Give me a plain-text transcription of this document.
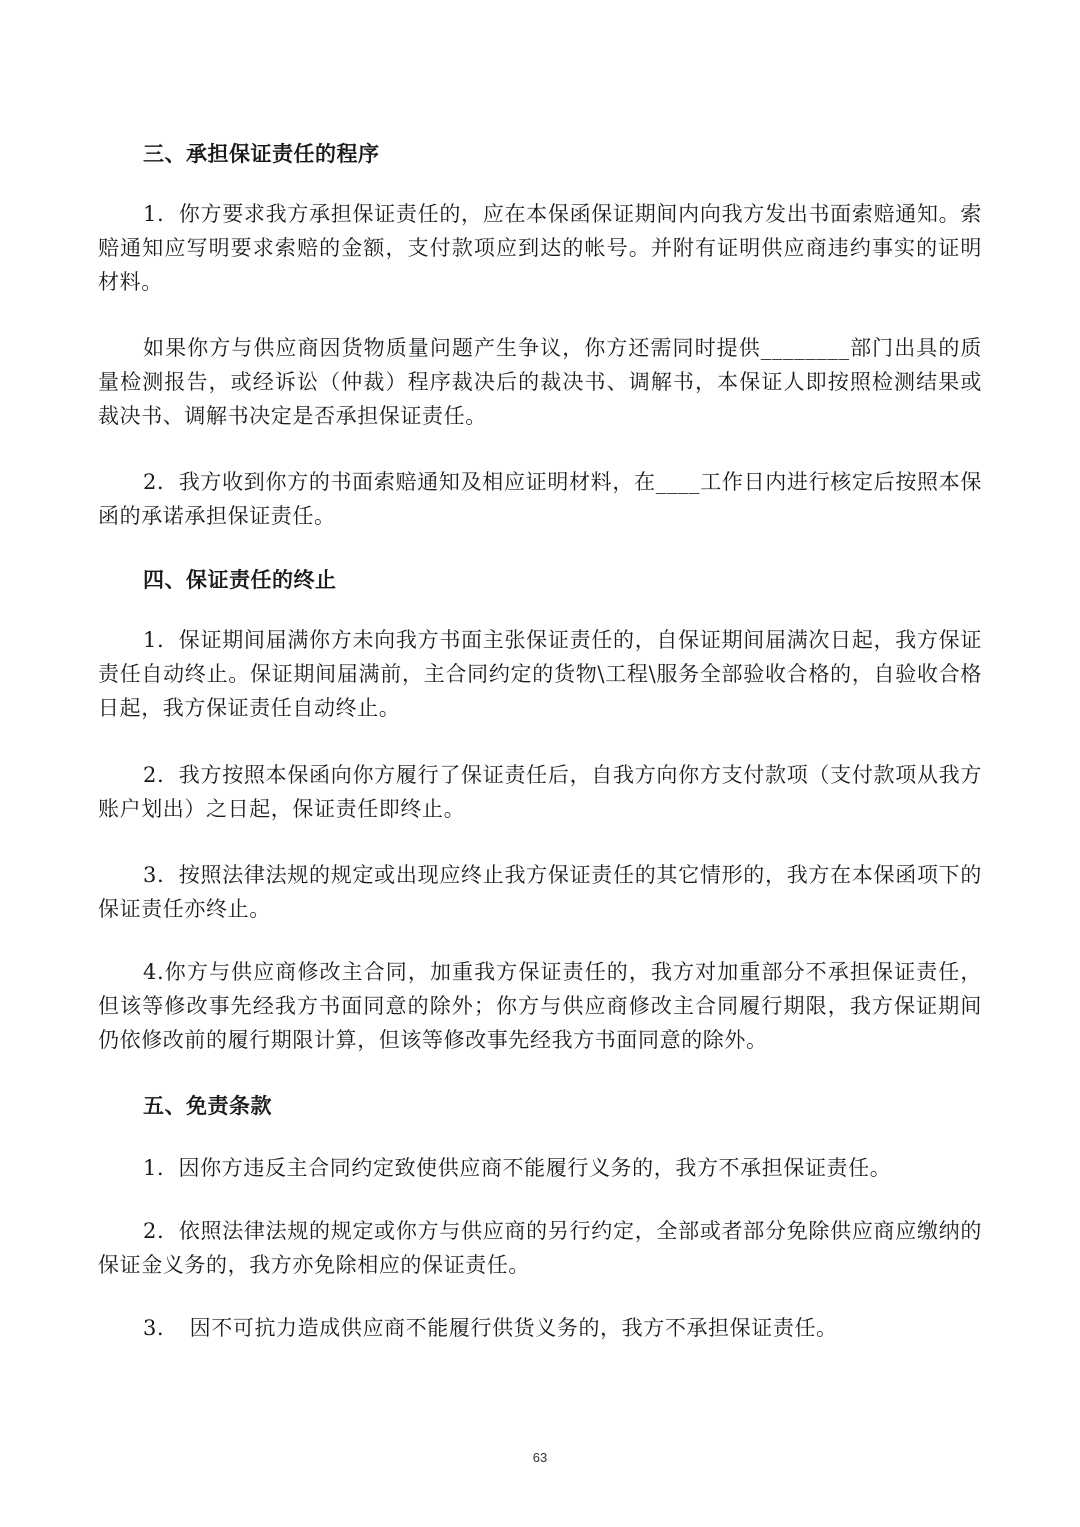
三、承担保证责任的程序
1．你方要求我方承担保证责任的，应在本保函保证期间内向我方发出书面索赔通知。索赔通知应写明要求索赔的金额，支付款项应到达的帐号。并附有证明供应商违约事实的证明材料。
如果你方与供应商因货物质量问题产生争议，你方还需同时提供________部门出具的质量检测报告，或经诉讼（仲裁）程序裁决后的裁决书、调解书，本保证人即按照检测结果或裁决书、调解书决定是否承担保证责任。
2．我方收到你方的书面索赔通知及相应证明材料，在____工作日内进行核定后按照本保函的承诺承担保证责任。
四、保证责任的终止
1．保证期间届满你方未向我方书面主张保证责任的，自保证期间届满次日起，我方保证责任自动终止。保证期间届满前，主合同约定的货物\工程\服务全部验收合格的，自验收合格日起，我方保证责任自动终止。
2．我方按照本保函向你方履行了保证责任后，自我方向你方支付款项（支付款项从我方账户划出）之日起，保证责任即终止。
3．按照法律法规的规定或出现应终止我方保证责任的其它情形的，我方在本保函项下的保证责任亦终止。
4.你方与供应商修改主合同，加重我方保证责任的，我方对加重部分不承担保证责任，但该等修改事先经我方书面同意的除外；你方与供应商修改主合同履行期限，我方保证期间仍依修改前的履行期限计算，但该等修改事先经我方书面同意的除外。
五、免责条款
1．因你方违反主合同约定致使供应商不能履行义务的，我方不承担保证责任。
2．依照法律法规的规定或你方与供应商的另行约定，全部或者部分免除供应商应缴纳的保证金义务的，我方亦免除相应的保证责任。
3．　因不可抗力造成供应商不能履行供货义务的，我方不承担保证责任。
63
